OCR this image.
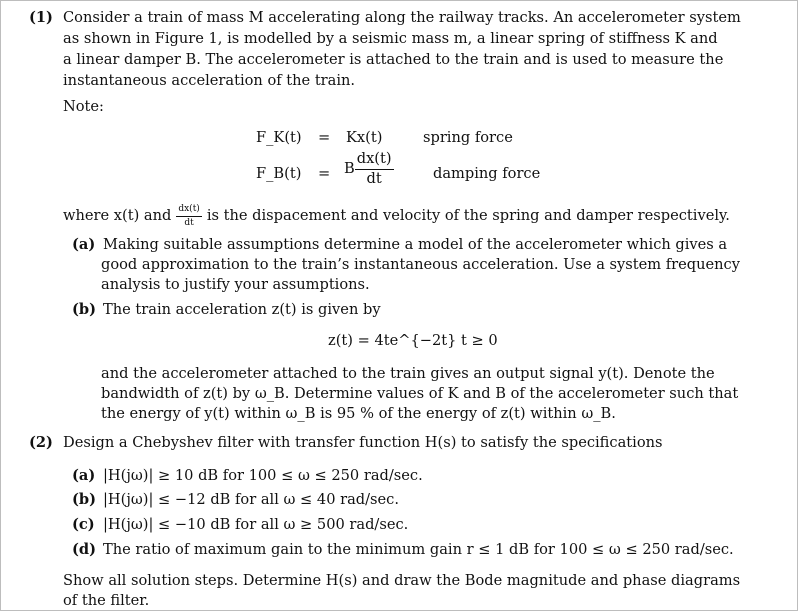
(1) Consider a train of mass M accelerating along the railway tracks. An accelerometer system
as shown in Figure 1, is modelled by a seismic mass m, a linear spring of stiffness K and
a linear damper B. The accelerometer is attached to the train and is used to measure the
instantaneous acceleration of the train.
Note:
F_K(t) = Kx(t)	spring force
F_B(t) = B $\frac{dx(t)}{dt}$	damping force
where x(t) and $\frac{dx(t)}{dt}$ is the dispacement and velocity of the spring and damper respectively.
(a) Making suitable assumptions determine a model of the accelerometer which gives a
good approximation to the train’s instantaneous acceleration. Use a system frequency
analysis to justify your assumptions.
(b) The train acceleration z(t) is given by
z(t) = 4te^{−2t} t ≥ 0
and the accelerometer attached to the train gives an output signal y(t). Denote the
bandwidth of z(t) by ω_B. Determine values of K and B of the accelerometer such that
the energy of y(t) within ω_B is 95 % of the energy of z(t) within ω_B.
(2) Design a Chebyshev filter with transfer function H(s) to satisfy the specifications
(a) |H(jω)| ≥ 10 dB for 100 ≤ ω ≤ 250 rad/sec.
(b) |H(jω)| ≤ −12 dB for all ω ≤ 40 rad/sec.
(c) |H(jω)| ≤ −10 dB for all ω ≥ 500 rad/sec.
(d) The ratio of maximum gain to the minimum gain r ≤ 1 dB for 100 ≤ ω ≤ 250 rad/sec.
Show all solution steps. Determine H(s) and draw the Bode magnitude and phase diagrams
of the filter.
